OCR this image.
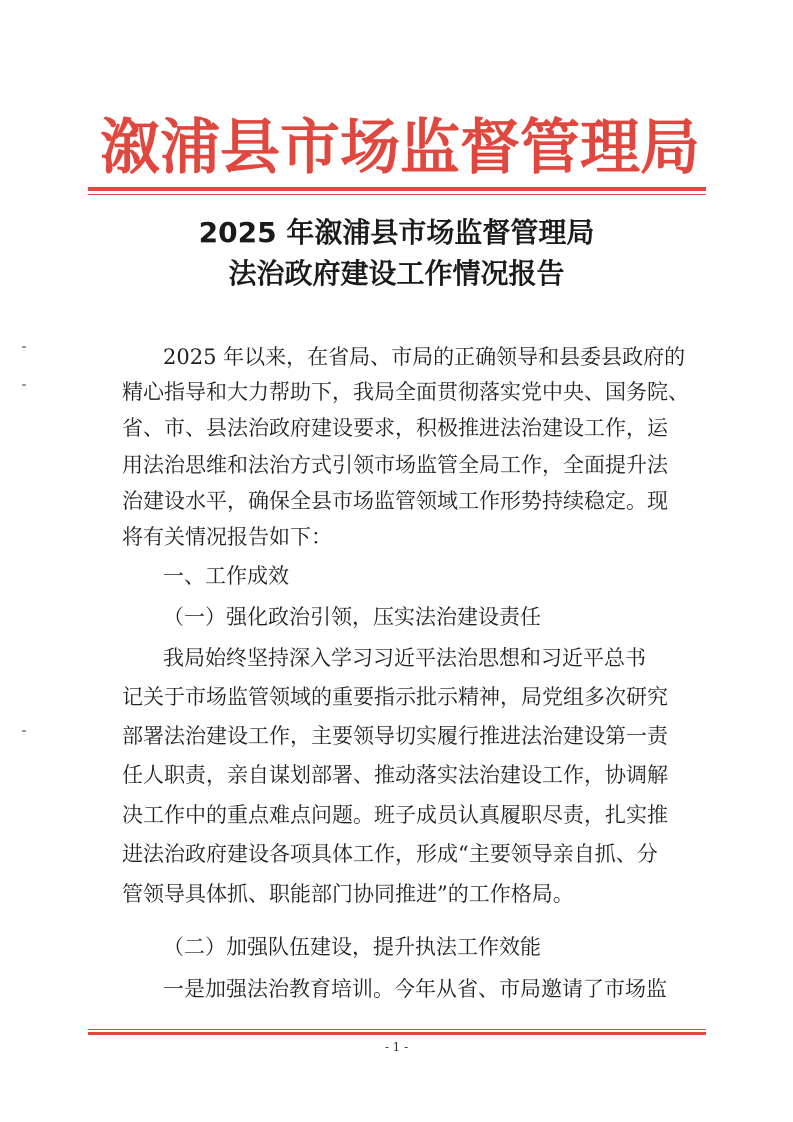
溆浦县市场监督管理局
2025 年溆浦县市场监督管理局
法治政府建设工作情况报告
2025 年以来，在省局、市局的正确领导和县委县政府的
精心指导和大力帮助下，我局全面贯彻落实党中央、国务院、
省、市、县法治政府建设要求，积极推进法治建设工作，运
用法治思维和法治方式引领市场监管全局工作，全面提升法
治建设水平，确保全县市场监管领域工作形势持续稳定。现
将有关情况报告如下：
一、工作成效
（一）强化政治引领，压实法治建设责任
我局始终坚持深入学习习近平法治思想和习近平总书
记关于市场监管领域的重要指示批示精神，局党组多次研究
部署法治建设工作，主要领导切实履行推进法治建设第一责
任人职责，亲自谋划部署、推动落实法治建设工作，协调解
决工作中的重点难点问题。班子成员认真履职尽责，扎实推
进法治政府建设各项具体工作，形成“主要领导亲自抓、分
管领导具体抓、职能部门协同推进”的工作格局。
（二）加强队伍建设，提升执法工作效能
一是加强法治教育培训。今年从省、市局邀请了市场监
- 1 -
